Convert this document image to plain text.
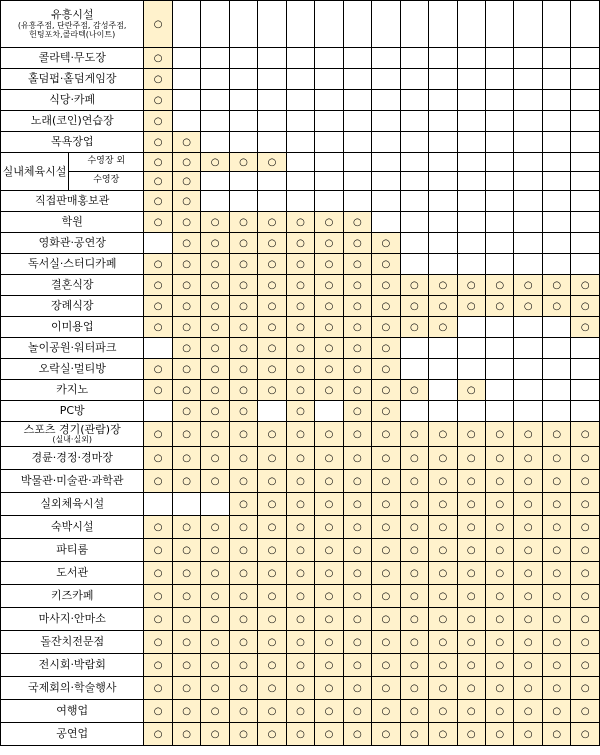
유흥시설
(유흥주점, 단란주점, 감성주점,
헌팅포차,콜라텍(나이트)		○															
콜라텍·무도장		○															
홀덤펍·홀덤게임장		○															
식당·카페		○															
노래(코인)연습장		○															
목욕장업		○	○														
실내체육시설	수영장 외	○	○	○	○	○											
	수영장	○	○														
직접판매홍보관		○	○														
학원		○	○	○	○	○	○	○	○								
영화관·공연장			○	○	○	○	○	○	○	○							
독서실·스터디카페		○	○	○	○	○	○	○	○	○							
결혼식장		○	○	○	○	○	○	○	○	○	○	○	○	○	○	○	○
장례식장		○	○	○	○	○	○	○	○	○	○	○	○	○	○	○	○
이미용업		○	○	○	○	○	○	○	○	○	○	○					○
놀이공원·워터파크			○	○	○	○	○	○	○	○							
오락실·멀티방		○	○	○	○	○	○	○	○	○							
카지노		○	○	○	○	○	○	○	○	○	○		○				
PC방			○	○	○		○		○	○							
스포츠 경기(관람)장
(실내·실외)		○	○	○	○	○	○	○	○	○	○	○	○	○	○	○	○
경륜·경정·경마장		○	○	○	○	○	○	○	○	○	○	○	○	○	○	○	○
박물관·미술관·과학관		○	○	○	○	○	○	○	○	○	○	○	○	○	○	○	○
실외체육시설					○	○	○	○	○	○	○	○	○	○	○	○	○
숙박시설		○	○	○	○	○	○	○	○	○	○	○	○	○	○	○	○
파티룸		○	○	○	○	○	○	○	○	○	○	○	○	○	○	○	○
도서관		○	○	○	○	○	○	○	○	○	○	○	○	○	○	○	○
키즈카페		○	○	○	○	○	○	○	○	○	○	○	○	○	○	○	○
마사지·안마소		○	○	○	○	○	○	○	○	○	○	○	○	○	○	○	○
돌잔치전문점		○	○	○	○	○	○	○	○	○	○	○	○	○	○	○	○
전시회·박람회		○	○	○	○	○	○	○	○	○	○	○	○	○	○	○	○
국제회의·학술행사		○	○	○	○	○	○	○	○	○	○	○	○	○	○	○	○
여행업		○	○	○	○	○	○	○	○	○	○	○	○	○	○	○	○
공연업		○	○	○	○	○	○	○	○	○	○	○	○	○	○	○	○
